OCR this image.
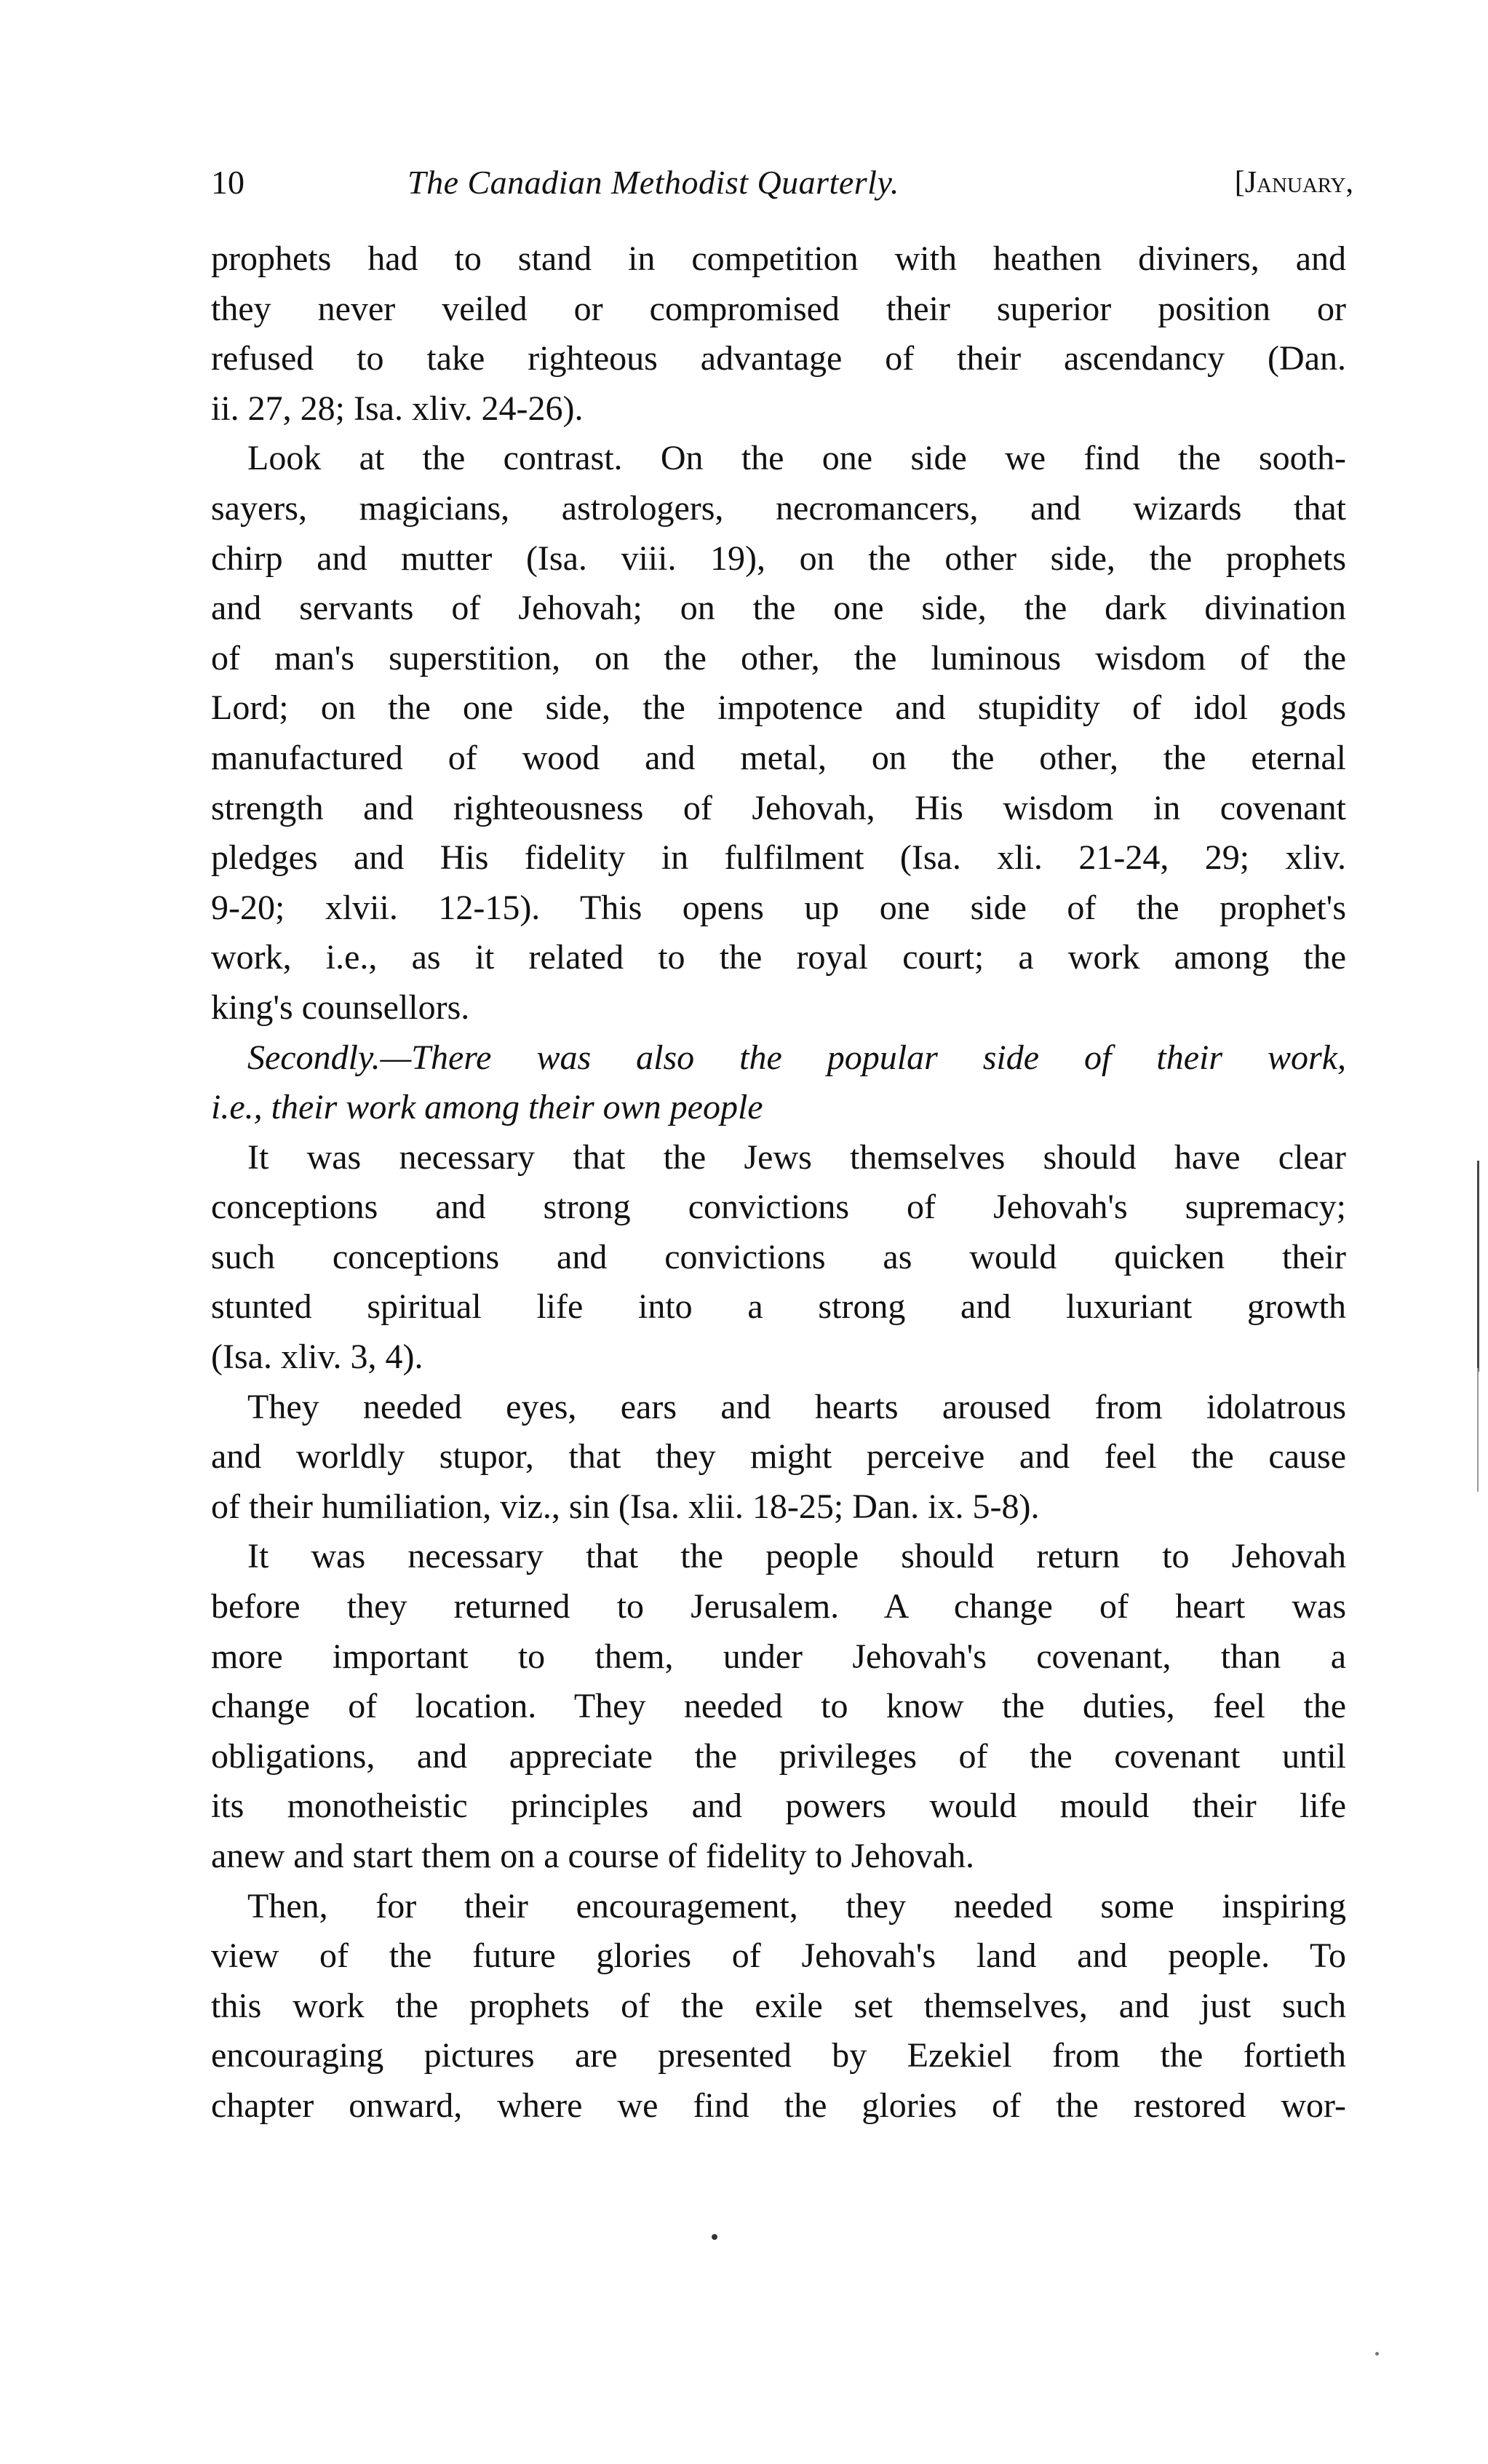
10	The Canadian Methodist Quarterly.	[January,
prophets had to stand in competition with heathen diviners, and
they never veiled or compromised their superior position or
refused to take righteous advantage of their ascendancy (Dan.
ii. 27, 28; Isa. xliv. 24-26).
Look at the contrast. On the one side we find the sooth-
sayers, magicians, astrologers, necromancers, and wizards that
chirp and mutter (Isa. viii. 19), on the other side, the prophets
and servants of Jehovah; on the one side, the dark divination
of man's superstition, on the other, the luminous wisdom of the
Lord; on the one side, the impotence and stupidity of idol gods
manufactured of wood and metal, on the other, the eternal
strength and righteousness of Jehovah, His wisdom in covenant
pledges and His fidelity in fulfilment (Isa. xli. 21-24, 29; xliv.
9-20; xlvii. 12-15). This opens up one side of the prophet's
work, i.e., as it related to the royal court; a work among the
king's counsellors.
Secondly.—There was also the popular side of their work,
i.e., their work among their own people
It was necessary that the Jews themselves should have clear
conceptions and strong convictions of Jehovah's supremacy;
such conceptions and convictions as would quicken their
stunted spiritual life into a strong and luxuriant growth
(Isa. xliv. 3, 4).
They needed eyes, ears and hearts aroused from idolatrous
and worldly stupor, that they might perceive and feel the cause
of their humiliation, viz., sin (Isa. xlii. 18-25; Dan. ix. 5-8).
It was necessary that the people should return to Jehovah
before they returned to Jerusalem. A change of heart was
more important to them, under Jehovah's covenant, than a
change of location. They needed to know the duties, feel the
obligations, and appreciate the privileges of the covenant until
its monotheistic principles and powers would mould their life
anew and start them on a course of fidelity to Jehovah.
Then, for their encouragement, they needed some inspiring
view of the future glories of Jehovah's land and people. To
this work the prophets of the exile set themselves, and just such
encouraging pictures are presented by Ezekiel from the fortieth
chapter onward, where we find the glories of the restored wor-
